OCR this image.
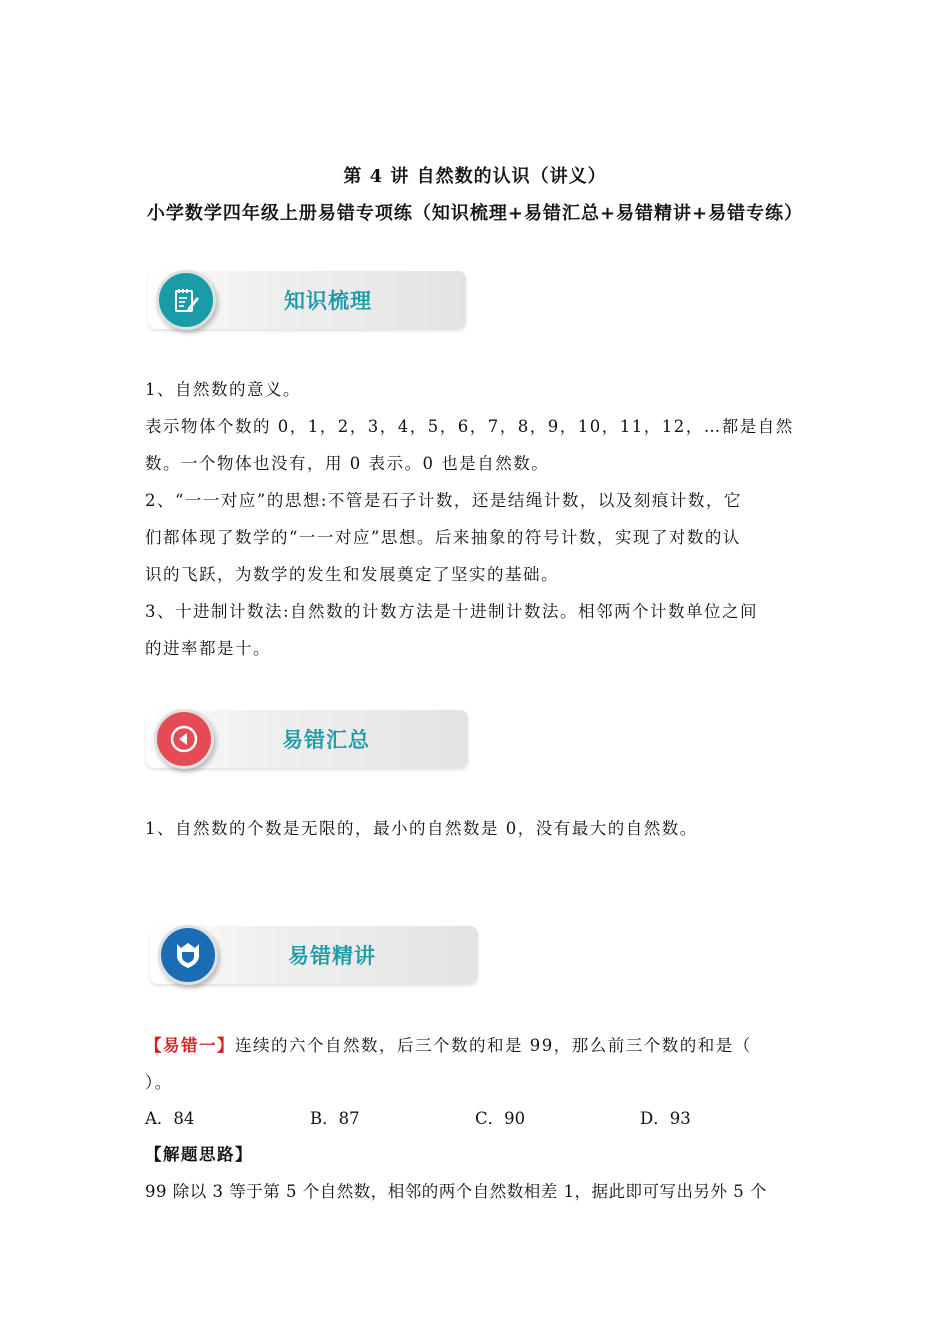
第 4 讲 自然数的认识（讲义）
小学数学四年级上册易错专项练（知识梳理+易错汇总+易错精讲+易错专练）
知识梳理
1、自然数的意义。
表示物体个数的 0，1，2，3，4，5，6，7，8，9，10，11，12，…都是自然
数。一个物体也没有，用 0 表示。0 也是自然数。
2、“一一对应”的思想:不管是石子计数，还是结绳计数，以及刻痕计数，它
们都体现了数学的“一一对应”思想。后来抽象的符号计数，实现了对数的认
识的飞跃，为数学的发生和发展奠定了坚实的基础。
3、十进制计数法:自然数的计数方法是十进制计数法。相邻两个计数单位之间
的进率都是十。
易错汇总
1、自然数的个数是无限的，最小的自然数是 0，没有最大的自然数。
易错精讲
【易错一】连续的六个自然数，后三个数的和是 99，那么前三个数的和是（
）。
A．84	B．87	C．90	D．93
【解题思路】
99 除以 3 等于第 5 个自然数，相邻的两个自然数相差 1，据此即可写出另外 5 个
